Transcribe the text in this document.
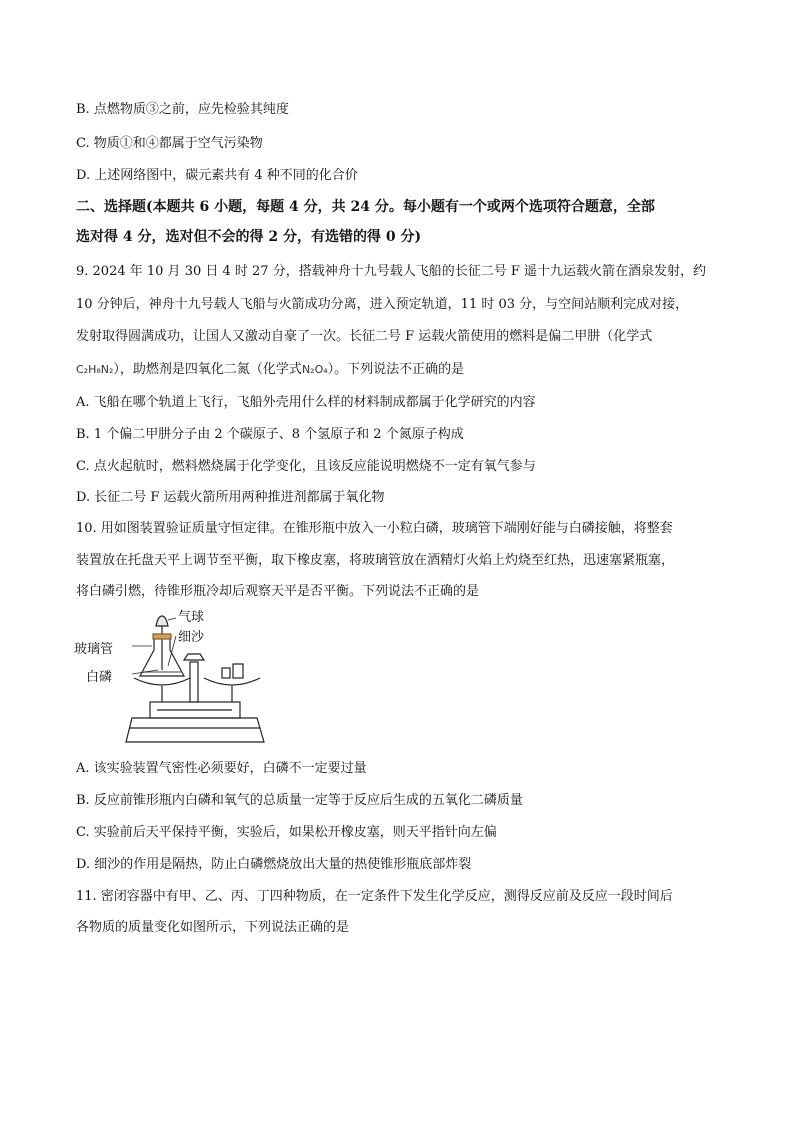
B. 点燃物质③之前，应先检验其纯度
C. 物质①和④都属于空气污染物
D. 上述网络图中，碳元素共有 4 种不同的化合价
二、选择题(本题共 6 小题，每题 4 分，共 24 分。每小题有一个或两个选项符合题意，全部
选对得 4 分，选对但不会的得 2 分，有选错的得 0 分)
9. 2024 年 10 月 30 日 4 时 27 分，搭载神舟十九号载人飞船的长征二号 F 遥十九运载火箭在酒泉发射，约
10 分钟后，神舟十九号载人飞船与火箭成功分离，进入预定轨道，11 时 03 分，与空间站顺利完成对接，
发射取得圆满成功，让国人又激动自豪了一次。长征二号 F 运载火箭使用的燃料是偏二甲肼（化学式
C₂H₈N₂），助燃剂是四氧化二氮（化学式N₂O₄）。下列说法不正确的是
A. 飞船在哪个轨道上飞行，飞船外壳用什么样的材料制成都属于化学研究的内容
B. 1 个偏二甲肼分子由 2 个碳原子、8 个氢原子和 2 个氮原子构成
C. 点火起航时，燃料燃烧属于化学变化，且该反应能说明燃烧不一定有氧气参与
D. 长征二号 F 运载火箭所用两种推进剂都属于氧化物
10. 用如图装置验证质量守恒定律。在锥形瓶中放入一小粒白磷，玻璃管下端刚好能与白磷接触，将整套
装置放在托盘天平上调节至平衡，取下橡皮塞，将玻璃管放在酒精灯火焰上灼烧至红热，迅速塞紧瓶塞，
将白磷引燃，待锥形瓶冷却后观察天平是否平衡。下列说法不正确的是
气球
细沙
玻璃管
白磷
A. 该实验装置气密性必须要好，白磷不一定要过量
B. 反应前锥形瓶内白磷和氧气的总质量一定等于反应后生成的五氧化二磷质量
C. 实验前后天平保持平衡，实验后，如果松开橡皮塞，则天平指针向左偏
D. 细沙的作用是隔热，防止白磷燃烧放出大量的热使锥形瓶底部炸裂
11. 密闭容器中有甲、乙、丙、丁四种物质，在一定条件下发生化学反应，测得反应前及反应一段时间后
各物质的质量变化如图所示，下列说法正确的是
